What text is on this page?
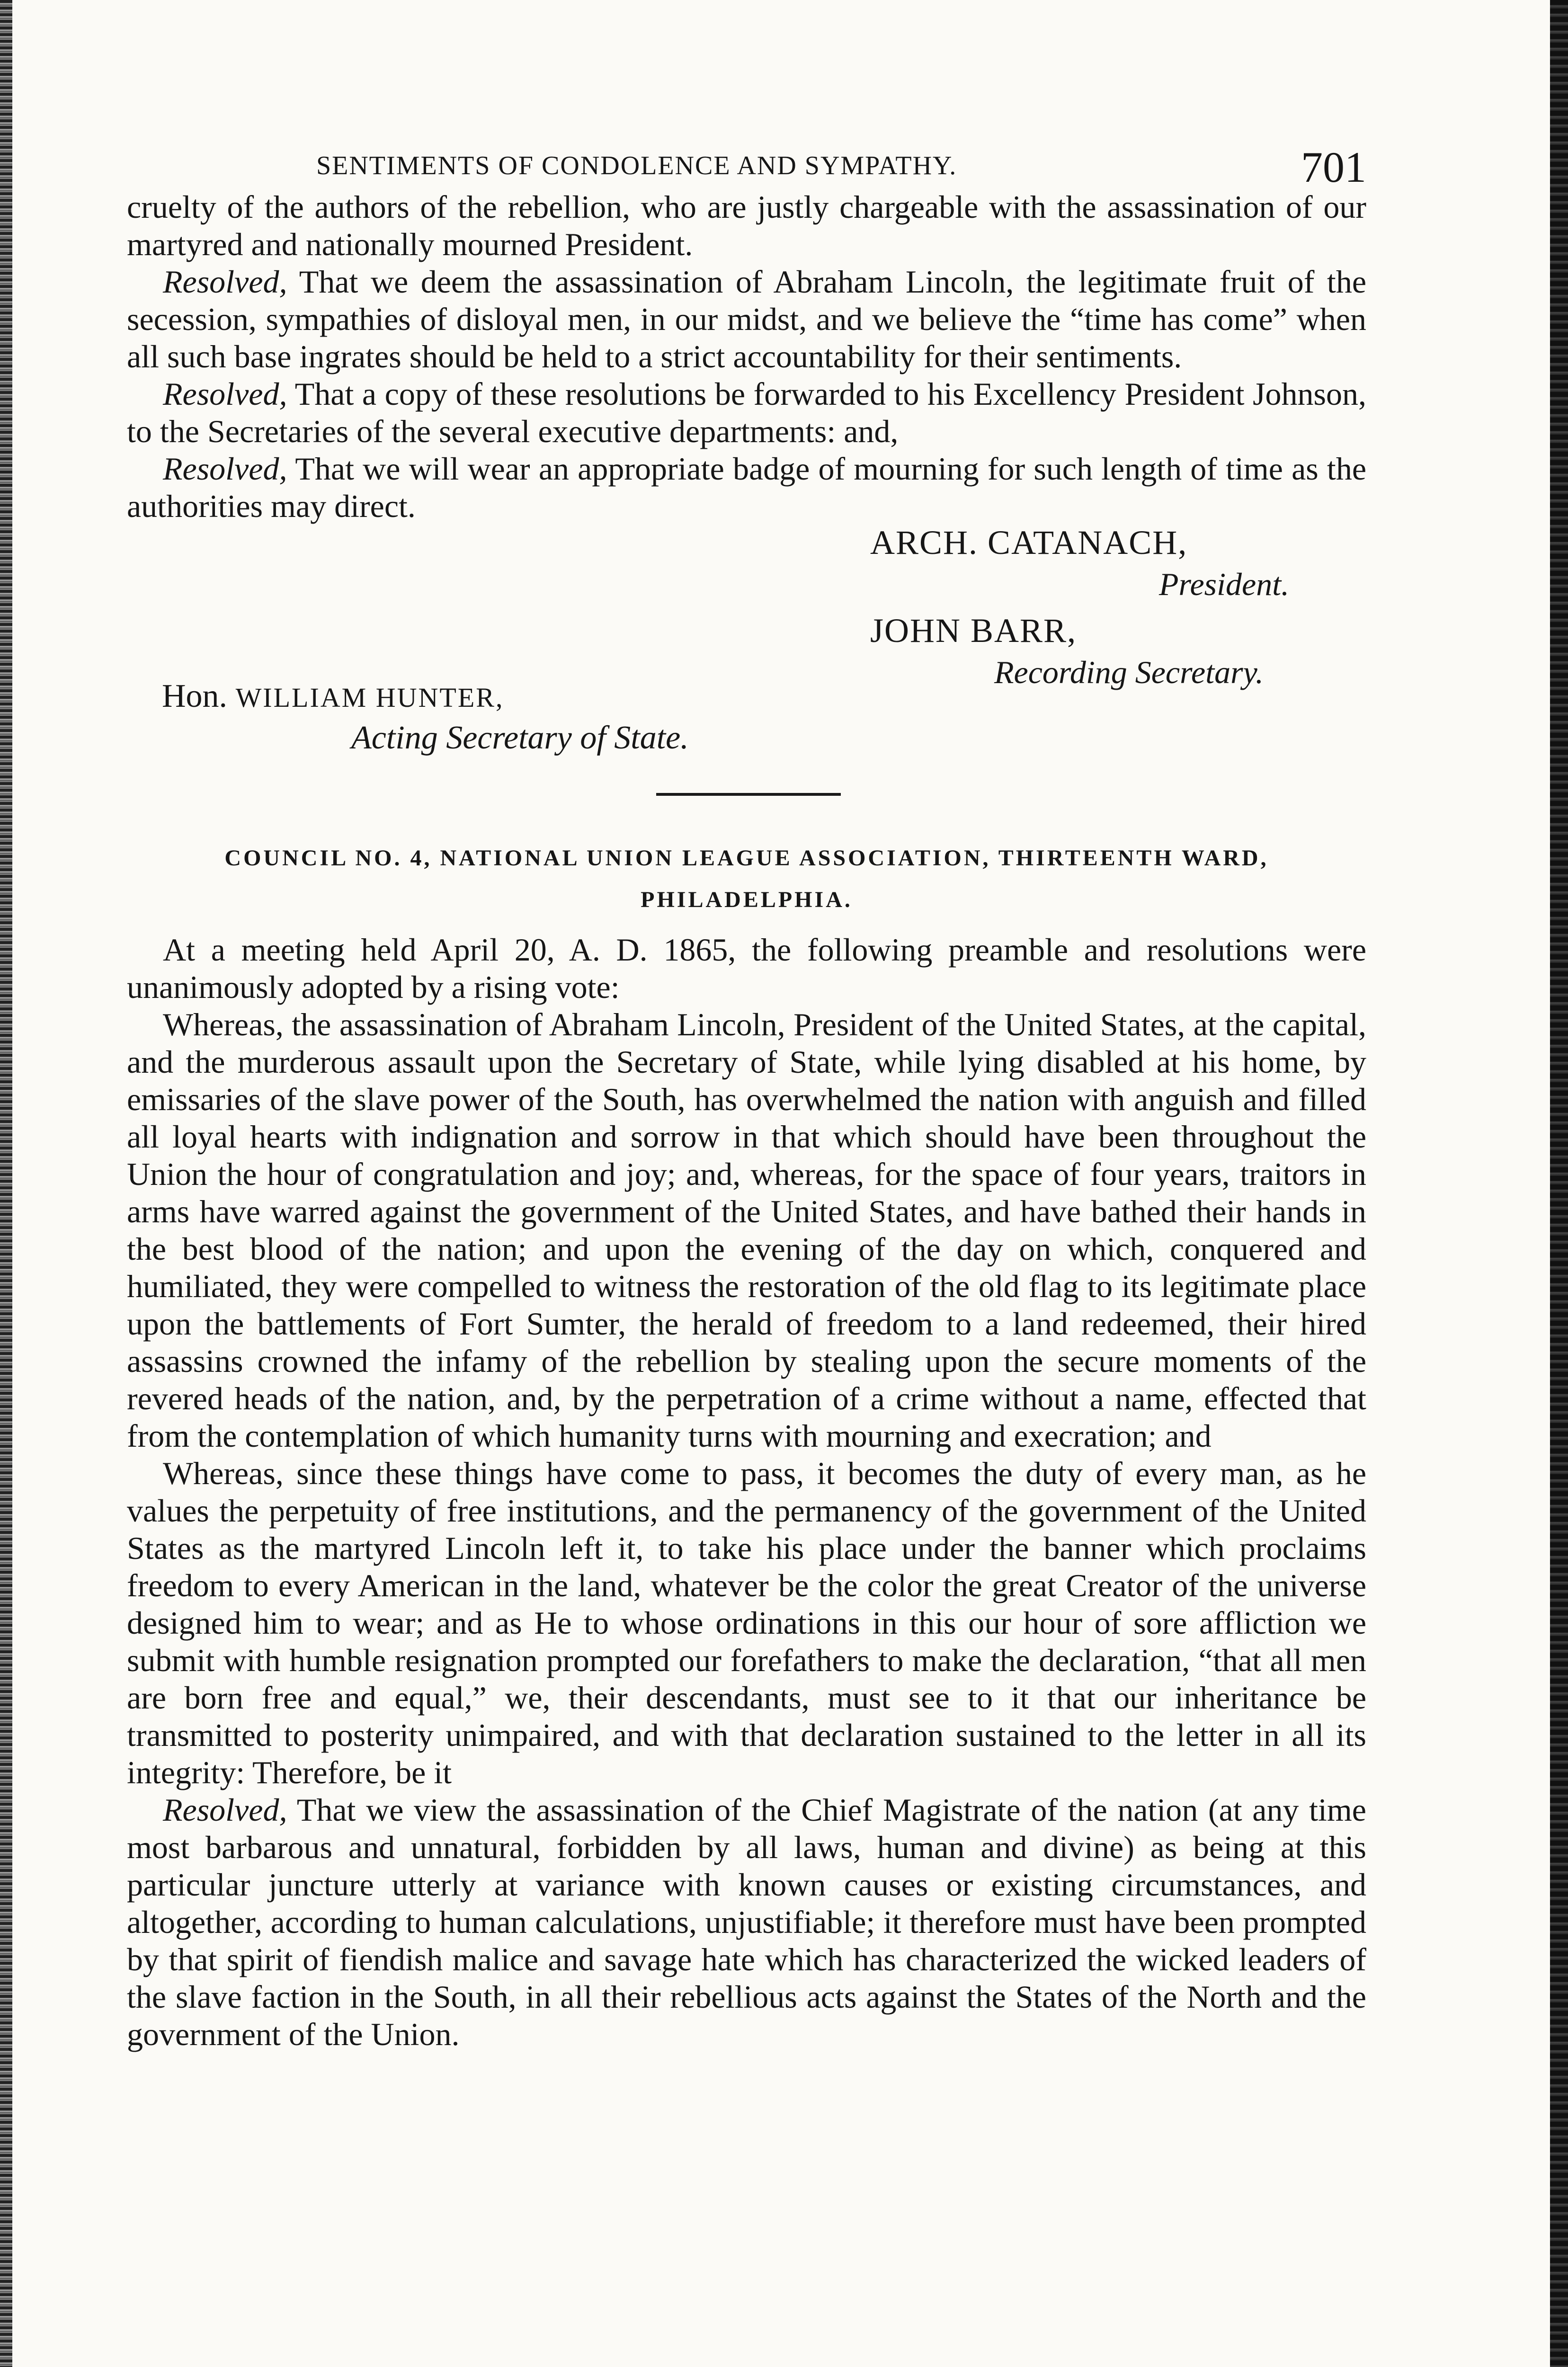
SENTIMENTS OF CONDOLENCE AND SYMPATHY.	701

cruelty of the authors of the rebellion, who are justly chargeable with the assassination of our martyred and nationally mourned President.

Resolved, That we deem the assassination of Abraham Lincoln, the legitimate fruit of the secession, sympathies of disloyal men, in our midst, and we believe the “time has come” when all such base ingrates should be held to a strict accountability for their sentiments.

Resolved, That a copy of these resolutions be forwarded to his Excellency President Johnson, to the Secretaries of the several executive departments: and,

Resolved, That we will wear an appropriate badge of mourning for such length of time as the authorities may direct.

ARCH. CATANACH,
President.
JOHN BARR,
Recording Secretary.
Hon. WILLIAM HUNTER,
Acting Secretary of State.
COUNCIL NO. 4, NATIONAL UNION LEAGUE ASSOCIATION, THIRTEENTH WARD,
PHILADELPHIA.

At a meeting held April 20, A. D. 1865, the following preamble and resolutions were unanimously adopted by a rising vote:

Whereas, the assassination of Abraham Lincoln, President of the United States, at the capital, and the murderous assault upon the Secretary of State, while lying disabled at his home, by emissaries of the slave power of the South, has overwhelmed the nation with anguish and filled all loyal hearts with indignation and sorrow in that which should have been throughout the Union the hour of congratulation and joy; and, whereas, for the space of four years, traitors in arms have warred against the government of the United States, and have bathed their hands in the best blood of the nation; and upon the evening of the day on which, conquered and humiliated, they were compelled to witness the restoration of the old flag to its legitimate place upon the battlements of Fort Sumter, the herald of freedom to a land redeemed, their hired assassins crowned the infamy of the rebellion by stealing upon the secure moments of the revered heads of the nation, and, by the perpetration of a crime without a name, effected that from the contemplation of which humanity turns with mourning and execration; and

Whereas, since these things have come to pass, it becomes the duty of every man, as he values the perpetuity of free institutions, and the permanency of the government of the United States as the martyred Lincoln left it, to take his place under the banner which proclaims freedom to every American in the land, whatever be the color the great Creator of the universe designed him to wear; and as He to whose ordinations in this our hour of sore affliction we submit with humble resignation prompted our forefathers to make the declaration, “that all men are born free and equal,” we, their descendants, must see to it that our inheritance be transmitted to posterity unimpaired, and with that declaration sustained to the letter in all its integrity: Therefore, be it

Resolved, That we view the assassination of the Chief Magistrate of the nation (at any time most barbarous and unnatural, forbidden by all laws, human and divine) as being at this particular juncture utterly at variance with known causes or existing circumstances, and altogether, according to human calculations, unjustifiable; it therefore must have been prompted by that spirit of fiendish malice and savage hate which has characterized the wicked leaders of the slave faction in the South, in all their rebellious acts against the States of the North and the government of the Union.
